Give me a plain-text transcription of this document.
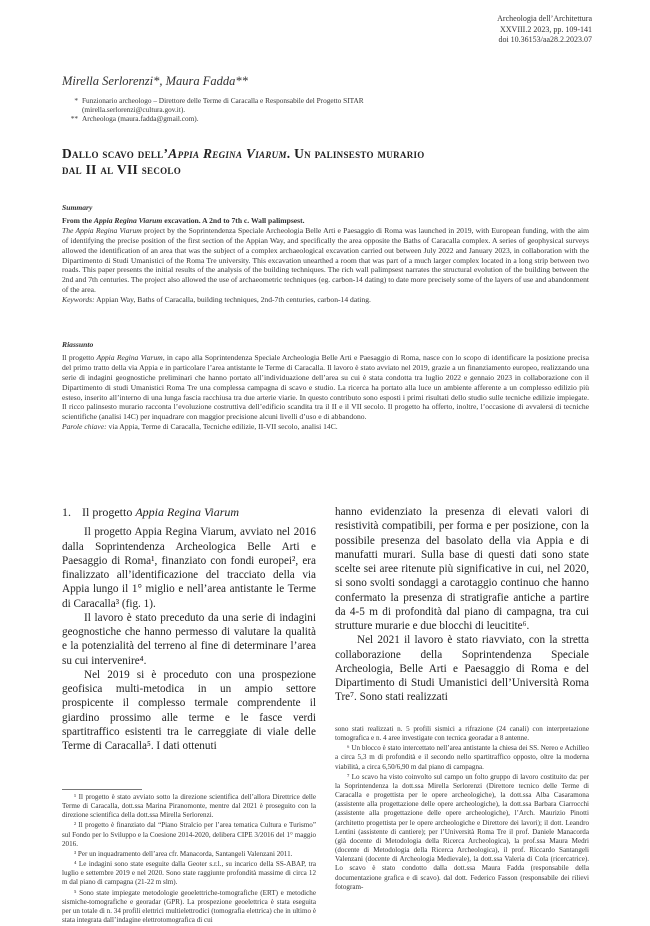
Archeologia dell’Architettura
XXVIII.2 2023, pp. 109-141
doi 10.36153/aa28.2.2023.07
Mirella Serlorenzi*, Maura Fadda**
* Funzionario archeologo – Direttore delle Terme di Caracalla e Responsabile del Progetto SITAR
(mirella.serlorenzi@cultura.gov.it).
** Archeologa (maura.fadda@gmail.com).
Dallo scavo dell’Appia Regina Viarum. Un palinsesto murario
dal II al VII secolo
Summary

From the Appia Regina Viarum excavation. A 2nd to 7th c. Wall palimpsest.

The Appia Regina Viarum project by the Soprintendenza Speciale Archeologia Belle Arti e Paesaggio di Roma was launched in 2019, with European funding, with the aim of identifying the precise position of the first section of the Appian Way, and specifically the area opposite the Baths of Caracalla complex. A series of geophysical surveys allowed the identification of an area that was the subject of a complex archaeological excavation carried out between July 2022 and January 2023, in collaboration with the Dipartimento di Studi Umanistici of the Roma Tre university. This excavation unearthed a room that was part of a much larger complex located in a long strip between two roads. This paper presents the initial results of the analysis of the building techniques. The rich wall palimpsest narrates the structural evolution of the building between the 2nd and 7th centuries. The project also allowed the use of archaeometric techniques (eg. carbon-14 dating) to date more precisely some of the layers of use and abandonment of the area.

Keywords: Appian Way, Baths of Caracalla, building techniques, 2nd-7th centuries, carbon-14 dating.

Riassunto

Il progetto Appia Regina Viarum, in capo alla Soprintendenza Speciale Archeologia Belle Arti e Paesaggio di Roma, nasce con lo scopo di identificare la posizione precisa del primo tratto della via Appia e in particolare l’area antistante le Terme di Caracalla. Il lavoro è stato avviato nel 2019, grazie a un finanziamento europeo, realizzando una serie di indagini geognostiche preliminari che hanno portato all’individuazione dell’area su cui è stata condotta tra luglio 2022 e gennaio 2023 in collaborazione con il Dipartimento di studi Umanistici Roma Tre una complessa campagna di scavo e studio. La ricerca ha portato alla luce un ambiente afferente a un complesso edilizio più esteso, inserito all’interno di una lunga fascia racchiusa tra due arterie viarie. In questo contributo sono esposti i primi risultati dello studio sulle tecniche edilizie impiegate. Il ricco palinsesto murario racconta l’evoluzione costruttiva dell’edificio scandita tra il II e il VII secolo. Il progetto ha offerto, inoltre, l’occasione di avvalersi di tecniche scientifiche (analisi 14C) per inquadrare con maggior precisione alcuni livelli d’uso e di abbandono.

Parole chiave: via Appia, Terme di Caracalla, Tecniche edilizie, II-VII secolo, analisi 14C.

1. Il progetto Appia Regina Viarum

Il progetto Appia Regina Viarum, avviato nel 2016 dalla Soprintendenza Archeologica Belle Arti e Paesaggio di Roma¹, finanziato con fondi europei², era finalizzato all’identificazione del tracciato della via Appia lungo il 1° miglio e nell’area antistante le Terme di Caracalla³ (fig. 1).

Il lavoro è stato preceduto da una serie di indagini geognostiche che hanno permesso di valutare la qualità e la potenzialità del terreno al fine di determinare l’area su cui intervenire⁴.

Nel 2019 si è proceduto con una prospezione geofisica multi-metodica in un ampio settore prospicente il complesso termale comprendente il giardino prossimo alle terme e le fasce verdi spartitraffico esistenti tra le carreggiate di viale delle Terme di Caracalla⁵. I dati ottenuti

hanno evidenziato la presenza di elevati valori di resistività compatibili, per forma e per posizione, con la possibile presenza del basolato della via Appia e di manufatti murari. Sulla base di questi dati sono state scelte sei aree ritenute più significative in cui, nel 2020, si sono svolti sondaggi a carotaggio continuo che hanno confermato la presenza di stratigrafie antiche a partire da 4-5 m di profondità dal piano di campagna, tra cui strutture murarie e due blocchi di leucitite⁶.

Nel 2021 il lavoro è stato riavviato, con la stretta collaborazione della Soprintendenza Speciale Archeologia, Belle Arti e Paesaggio di Roma e del Dipartimento di Studi Umanistici dell’Università Roma Tre⁷. Sono stati realizzati

¹ Il progetto è stato avviato sotto la direzione scientifica dell’allora Direttrice delle Terme di Caracalla, dott.ssa Marina Piranomonte, mentre dal 2021 è proseguito con la direzione scientifica della dott.ssa Mirella Serlorenzi.

² Il progetto è finanziato dal “Piano Stralcio per l’area tematica Cultura e Turismo” sul Fondo per lo Sviluppo e la Coesione 2014-2020, delibera CIPE 3/2016 del 1° maggio 2016.

³ Per un inquadramento dell’area cfr. Manacorda, Santangeli Valenzani 2011.

⁴ Le indagini sono state eseguite dalla Geoter s.r.l., su incarico della SS-ABAP, tra luglio e settembre 2019 e nel 2020. Sono state raggiunte profondità massime di circa 12 m dal piano di campagna (21-22 m slm).

⁵ Sono state impiegate metodologie geoelettriche-tomografiche (ERT) e metodiche sismiche-tomografiche e georadar (GPR). La prospezione geoelettrica è stata eseguita per un totale di n. 34 profili elettrici multielettrodici (tomografia elettrica) che in ultimo è stata integrata dall’indagine elettrotomografica di cui

sono stati realizzati n. 5 profili sismici a rifrazione (24 canali) con interpretazione tomografica e n. 4 aree investigate con tecnica georadar a 8 antenne.

⁶ Un blocco è stato intercettato nell’area antistante la chiesa dei SS. Nereo e Achilleo a circa 5,3 m di profondità e il secondo nello spartitraffico opposto, oltre la moderna viabilità, a circa 6,50/6,90 m dal piano di campagna.

⁷ Lo scavo ha visto coinvolto sul campo un folto gruppo di lavoro costituito da: per la Soprintendenza la dott.ssa Mirella Serlorenzi (Direttore tecnico delle Terme di Caracalla e progettista per le opere archeologiche), la dott.ssa Alba Casaramona (assistente alla progettazione delle opere archeologiche), la dott.ssa Barbara Ciarrocchi (assistente alla progettazione delle opere archeologiche), l’Arch. Maurizio Pinotti (architetto progettista per le opere archeologiche e Direttore dei lavori); il dott. Leandro Lentini (assistente di cantiere); per l’Università Roma Tre il prof. Daniele Manacorda (già docente di Metodologia della Ricerca Archeologica), la prof.ssa Maura Medri (docente di Metodologia della Ricerca Archeologica), il prof. Riccardo Santangeli Valenzani (docente di Archeologia Medievale), la dott.ssa Valeria di Cola (ricercatrice). Lo scavo è stato condotto dalla dott.ssa Maura Fadda (responsabile della documentazione grafica e di scavo). dal dott. Federico Fasson (responsabile dei rilievi fotogram-
